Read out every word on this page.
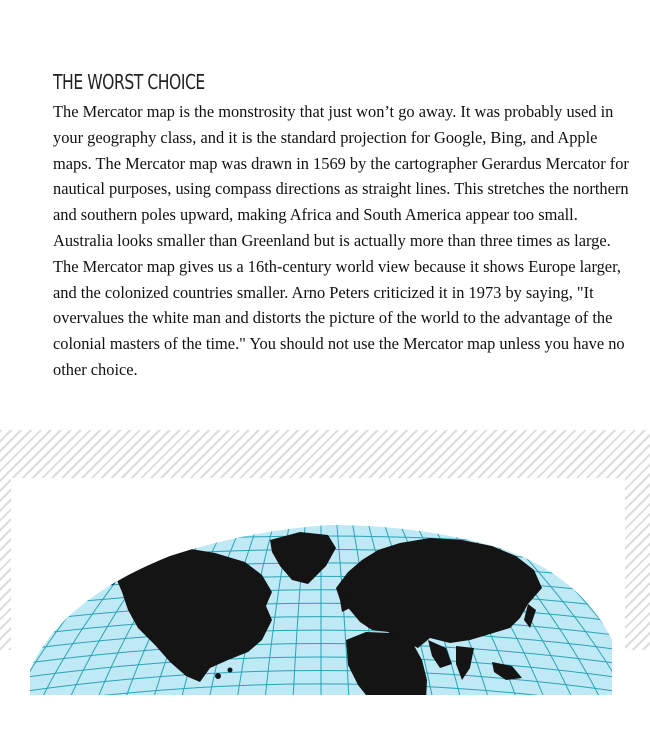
THE WORST CHOICE

The Mercator map is the monstrosity that just won’t go away. It was probably used in your geography class, and it is the standard projection for Google, Bing, and Apple maps. The Mercator map was drawn in 1569 by the cartographer Gerardus Mercator for nautical purposes, using compass directions as straight lines. This stretches the northern and southern poles upward, making Africa and South America appear too small. Australia looks smaller than Greenland but is actually more than three times as large. The Mercator map gives us a 16th-century world view because it shows Europe larger, and the colonized countries smaller. Arno Peters criticized it in 1973 by saying, "It overvalues the white man and distorts the picture of the world to the advantage of the colonial masters of the time." You should not use the Mercator map unless you have no other choice.
